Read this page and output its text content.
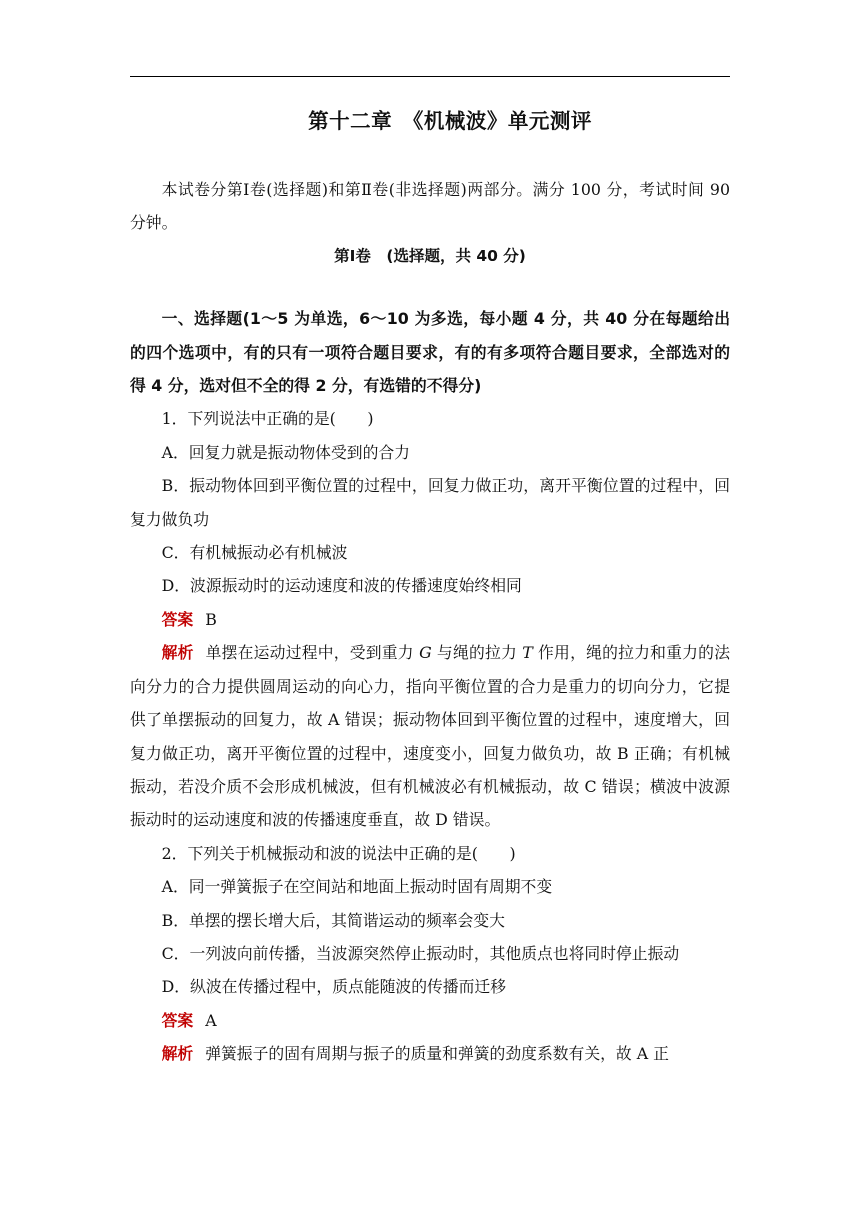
第十二章　《机械波》单元测评

本试卷分第Ⅰ卷(选择题)和第Ⅱ卷(非选择题)两部分。满分 100 分，考试时间 90 分钟。

第Ⅰ卷　(选择题，共 40 分)

一、选择题(1～5 为单选，6～10 为多选，每小题 4 分，共 40 分在每题给出的四个选项中，有的只有一项符合题目要求，有的有多项符合题目要求，全部选对的得 4 分，选对但不全的得 2 分，有选错的不得分)

1．下列说法中正确的是(　　)

A．回复力就是振动物体受到的合力

B．振动物体回到平衡位置的过程中，回复力做正功，离开平衡位置的过程中，回复力做负功

C．有机械振动必有机械波

D．波源振动时的运动速度和波的传播速度始终相同

答案 B

解析 单摆在运动过程中，受到重力 G 与绳的拉力 T 作用，绳的拉力和重力的法向分力的合力提供圆周运动的向心力，指向平衡位置的合力是重力的切向分力，它提供了单摆振动的回复力，故 A 错误；振动物体回到平衡位置的过程中，速度增大，回复力做正功，离开平衡位置的过程中，速度变小，回复力做负功，故 B 正确；有机械振动，若没介质不会形成机械波，但有机械波必有机械振动，故 C 错误；横波中波源振动时的运动速度和波的传播速度垂直，故 D 错误。

2．下列关于机械振动和波的说法中正确的是(　　)

A．同一弹簧振子在空间站和地面上振动时固有周期不变

B．单摆的摆长增大后，其简谐运动的频率会变大

C．一列波向前传播，当波源突然停止振动时，其他质点也将同时停止振动

D．纵波在传播过程中，质点能随波的传播而迁移

答案 A

解析 弹簧振子的固有周期与振子的质量和弹簧的劲度系数有关，故 A 正
